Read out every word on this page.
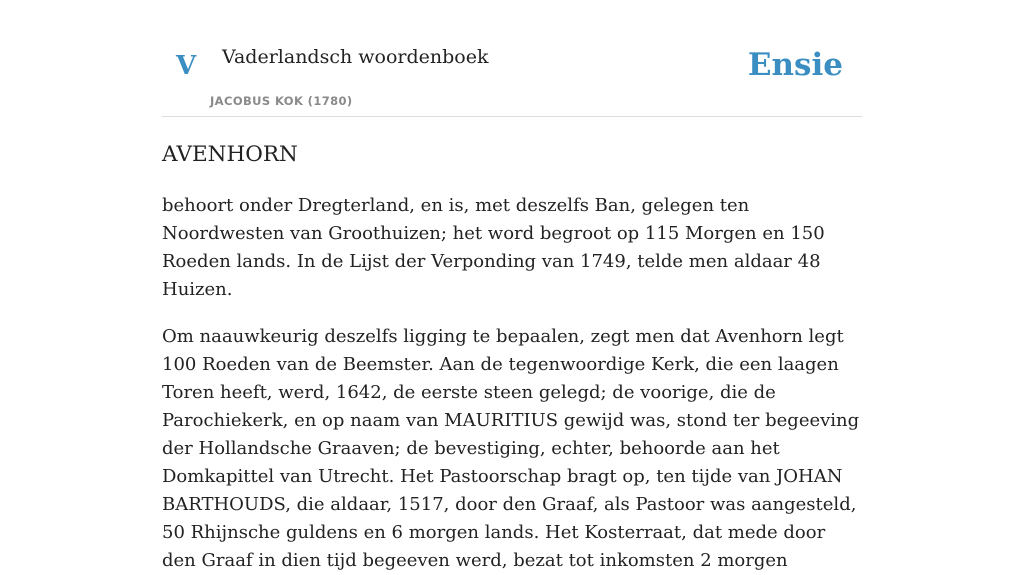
V Vaderlandsch woordenboek
JACOBUS KOK (1780)
Ensie
AVENHORN

behoort onder Dregterland, en is, met deszelfs Ban, gelegen ten Noordwesten van Groothuizen; het word begroot op 115 Morgen en 150 Roeden lands. In de Lijst der Verponding van 1749, telde men aldaar 48 Huizen.

Om naauwkeurig deszelfs ligging te bepaalen, zegt men dat Avenhorn legt 100 Roeden van de Beemster. Aan de tegenwoordige Kerk, die een laagen Toren heeft, werd, 1642, de eerste steen gelegd; de voorige, die de Parochiekerk, en op naam van MAURITIUS gewijd was, stond ter begeeving der Hollandsche Graaven; de bevestiging, echter, behoorde aan het Domkapittel van Utrecht. Het Pastoorschap bragt op, ten tijde van JOHAN BARTHOUDS, die aldaar, 1517, door den Graaf, als Pastoor was aangesteld, 50 Rhijnsche guldens en 6 morgen lands. Het Kosterraat, dat mede door den Graaf in dien tijd begeeven werd, bezat tot inkomsten 2 morgen
